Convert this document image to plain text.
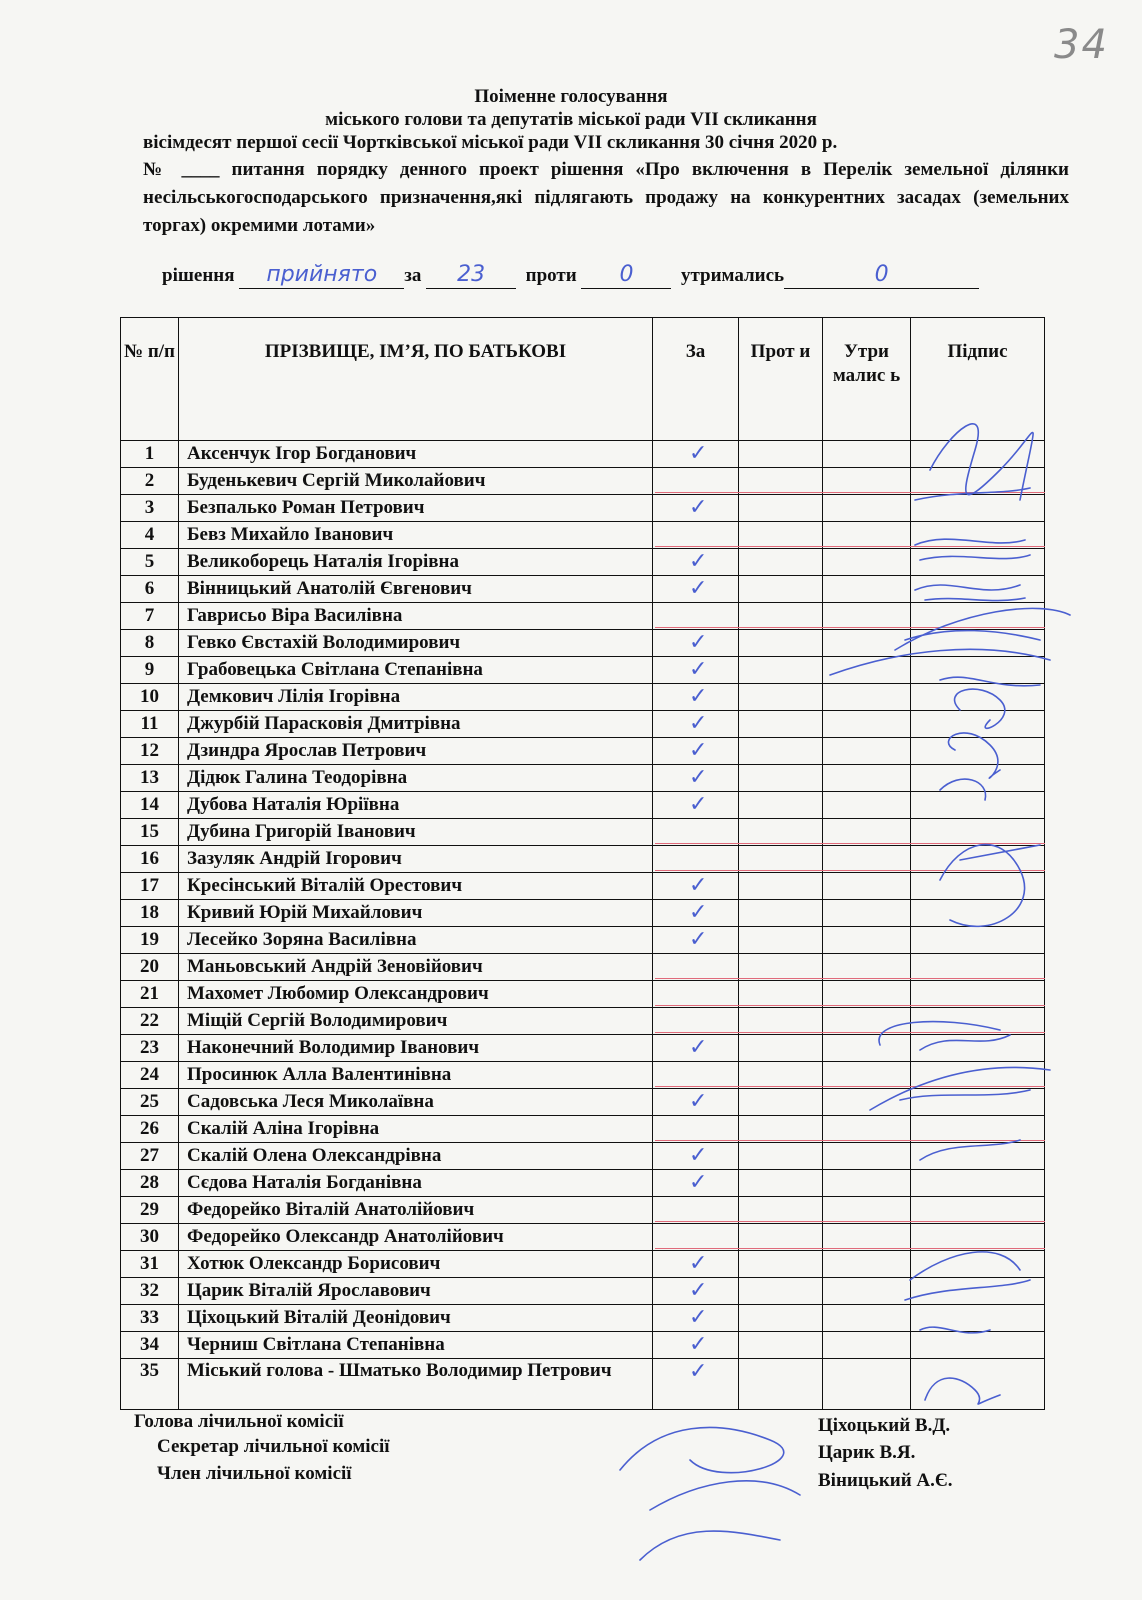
34
Поіменне голосування
міського голови та депутатів міської ради VII скликання
вісімдесят першої сесії Чортківської міської ради VII скликання 30 січня 2020 р.
№ ____ питання порядку денного проект рішення «Про включення в Перелік земельної ділянки несільськогосподарського призначення,які підлягають продажу на конкурентних засадах (земельних торгах) окремими лотами»
рішення прийнято за 23 проти 0	утримались	0
№ п/п	ПРІЗВИЩЕ, ІМ’Я, ПО БАТЬКОВІ	За	Прот и	Утри малис ь	Підпис
1	Аксенчук Ігор Богданович	✓			

2	Буденькевич Сергій Миколайович				
3	Безпалько Роман Петрович	✓			

4	Бевз Михайло Іванович				
5	Великоборець Наталія Ігорівна	✓			

6	Вінницький Анатолій Євгенович	✓			

7	Гаврисьо Віра Василівна				
8	Гевко Євстахій Володимирович	✓			

9	Грабовецька Світлана Степанівна	✓			

10	Демкович Лілія Ігорівна	✓			

11	Джурбій Парасковія Дмитрівна	✓			

12	Дзиндра Ярослав Петрович	✓			

13	Дідюк Галина Теодорівна	✓			

14	Дубова Наталія Юріївна	✓			

15	Дубина Григорій Іванович				
16	Зазуляк Андрій Ігорович				
17	Кресінський Віталій Орестович	✓			

18	Кривий Юрій Михайлович	✓			

19	Лесейко Зоряна Василівна	✓			

20	Маньовський Андрій Зеновійович				
21	Махомет Любомир Олександрович				
22	Міщій Сергій Володимирович				
23	Наконечний Володимир Іванович	✓			

24	Просинюк Алла Валентинівна				
25	Садовська Леся Миколаївна	✓			

26	Скалій Аліна Ігорівна				
27	Скалій Олена Олександрівна	✓			

28	Сєдова Наталія Богданівна	✓			

29	Федорейко Віталій Анатолійович				
30	Федорейко Олександр Анатолійович				
31	Хотюк Олександр Борисович	✓			

32	Царик Віталій Ярославович	✓			

33	Ціхоцький Віталій Деонідович	✓			

34	Черниш Світлана Степанівна	✓			

35	Міський голова - Шматько Володимир Петрович	✓			

Голова лічильної комісії	Ціхоцький В.Д.
Секретар лічильної комісії	Царик В.Я.
Член лічильної комісії	Віницький А.Є.
